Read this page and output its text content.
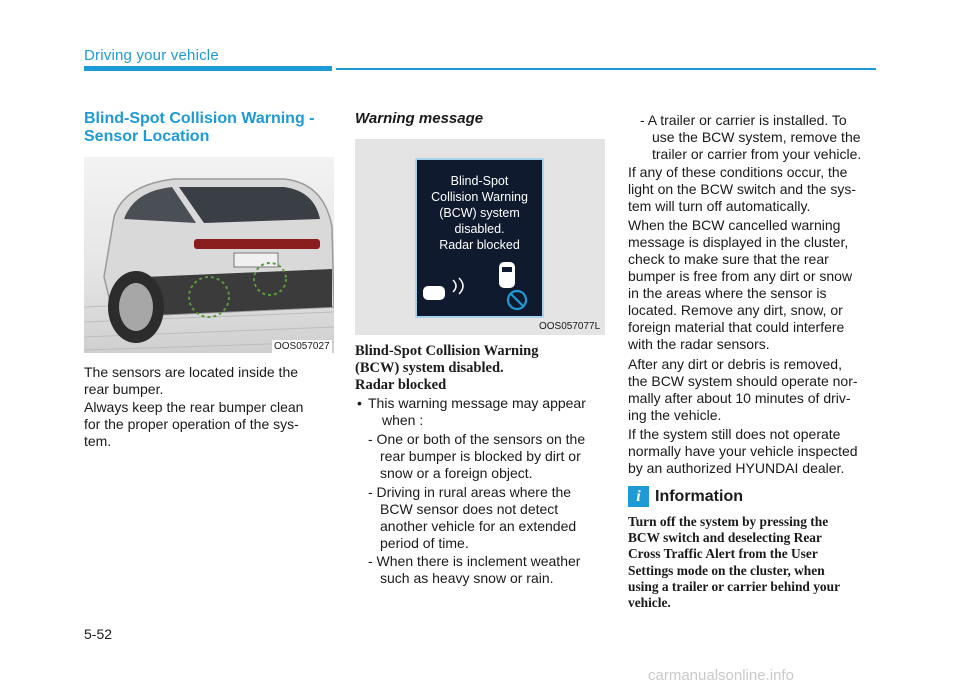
Driving your vehicle
Blind-Spot Collision Warning -
Sensor Location
OOS057027
The sensors are located inside the
rear bumper.
Always keep the rear bumper clean
for the proper operation of the sys-
tem.
Warning message
Blind-Spot
Collision Warning
(BCW) system
disabled.
Radar blocked
OOS057077L
Blind-Spot Collision Warning
(BCW) system disabled.
Radar blocked
• This warning message may appear
when :
- One or both of the sensors on the
rear bumper is blocked by dirt or
snow or a foreign object.
- Driving in rural areas where the
BCW sensor does not detect
another vehicle for an extended
period of time.
- When there is inclement weather
such as heavy snow or rain.
- A trailer or carrier is installed. To
use the BCW system, remove the
trailer or carrier from your vehicle.
If any of these conditions occur, the
light on the BCW switch and the sys-
tem will turn off automatically.
When the BCW cancelled warning
message is displayed in the cluster,
check to make sure that the rear
bumper is free from any dirt or snow
in the areas where the sensor is
located. Remove any dirt, snow, or
foreign material that could interfere
with the radar sensors.
After any dirt or debris is removed,
the BCW system should operate nor-
mally after about 10 minutes of driv-
ing the vehicle.
If the system still does not operate
normally have your vehicle inspected
by an authorized HYUNDAI dealer.
i Information
Turn off the system by pressing the
BCW switch and deselecting Rear
Cross Traffic Alert from the User
Settings mode on the cluster, when
using a trailer or carrier behind your
vehicle.
5-52
carmanualsonline.info
